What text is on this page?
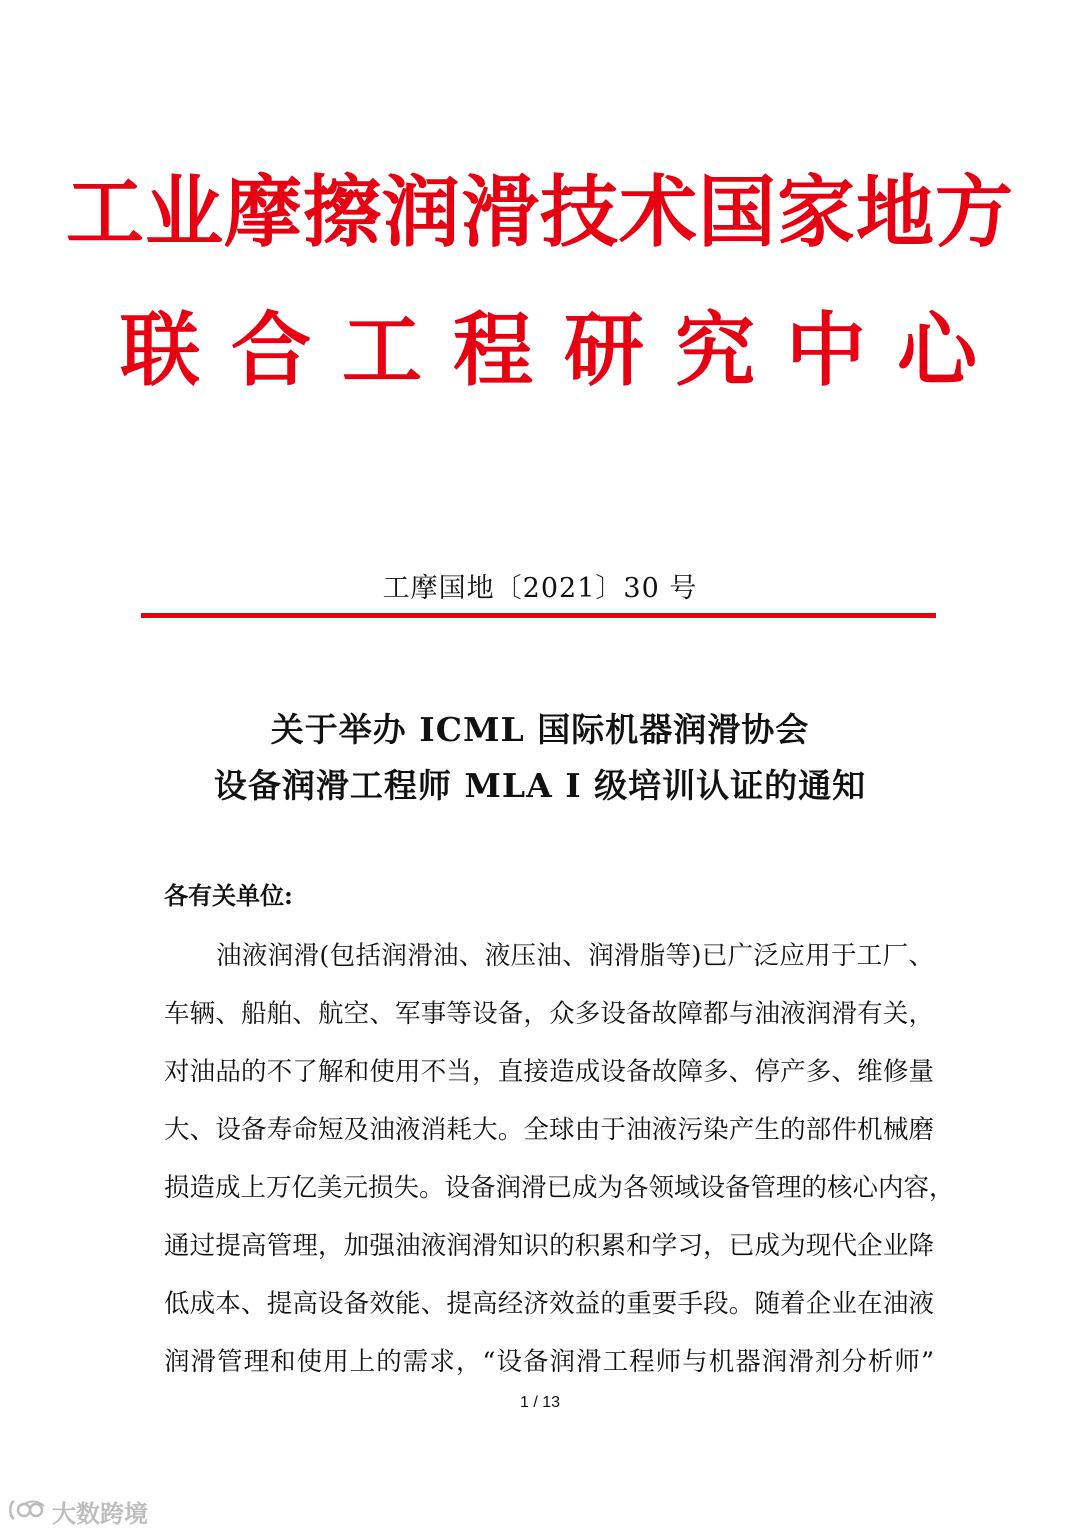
工业摩擦润滑技术国家地方
联合工程研究中心
工摩国地〔2021〕30 号
关于举办 ICML 国际机器润滑协会
设备润滑工程师 MLA I 级培训认证的通知
各有关单位:
油液润滑(包括润滑油、液压油、润滑脂等)已广泛应用于工厂、
车辆、船舶、航空、军事等设备，众多设备故障都与油液润滑有关，
对油品的不了解和使用不当，直接造成设备故障多、停产多、维修量
大、设备寿命短及油液消耗大。全球由于油液污染产生的部件机械磨
损造成上万亿美元损失。设备润滑已成为各领域设备管理的核心内容，
通过提高管理，加强油液润滑知识的积累和学习，已成为现代企业降
低成本、提高设备效能、提高经济效益的重要手段。随着企业在油液
润滑管理和使用上的需求，“设备润滑工程师与机器润滑剂分析师”
1 / 13
大数跨境
